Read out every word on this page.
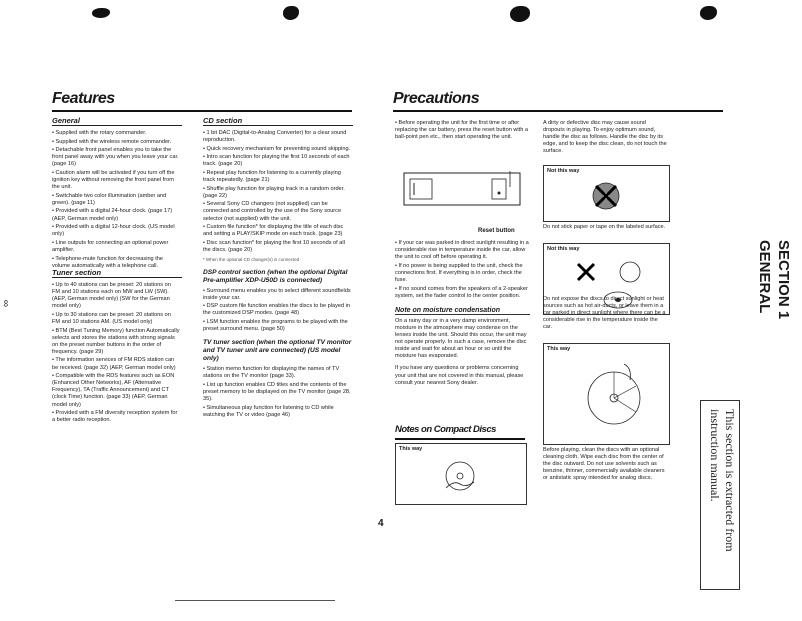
Features
General

• Supplied with the rotary commander.

• Supplied with the wireless remote commander.

• Detachable front panel enables you to take the front panel away with you when you leave your car. (page 16)

• Caution alarm will be activated if you turn off the ignition key without removing the front panel from the unit.

• Switchable two color illumination (amber and green). (page 11)

• Provided with a digital 24-hour clock. (page 17) (AEP, German model only)

• Provided with a digital 12-hour clock. (US model only)

• Line outputs for connecting an optional power amplifier.

• Telephone-mute function for decreasing the volume automatically with a telephone call.

Tuner section

• Up to 40 stations can be preset: 20 stations on FM and 10 stations each on MW and LW (SW). (AEP, German model only) (SW for the German model only)

• Up to 30 stations can be preset: 20 stations on FM and 10 stations AM. (US model only)

• BTM (Best Tuning Memory) function Automatically selects and stores the stations with strong signals on the preset number buttons in the order of frequency. (page 29)

• The information services of FM RDS station can be received. (page 32) (AEP, German model only)

• Compatible with the RDS features such as EON (Enhanced Other Networks), AF (Alternative Frequency), TA (Traffic Announcement) and CT (clock Time) function. (page 33) (AEP, German model only)

• Provided with a FM diversity reception system for a better radio reception.

CD section

• 1 bit DAC (Digital-to-Analog Converter) for a clear sound reproduction.

• Quick recovery mechanism for preventing sound skipping.

• Intro scan function for playing the first 10 seconds of each track. (page 20)

• Repeat play function for listening to a currently playing track repeatedly. (page 21)

• Shuffle play function for playing track in a random order. (page 22)

• Several Sony CD changers (not supplied) can be connected and controlled by the use of the Sony source selector (not supplied) with the unit.

• Custom file function* for displaying the title of each disc and setting a PLAY/SKIP mode on each track. (page 23)

• Disc scan function* for playing the first 10 seconds of all the discs. (page 20)

* When the optional CD changer(s) is connected

DSP control section (when the optional Digital Pre-amplifier XDP-U50D is connected)

• Surround menu enables you to select different soundfields inside your car.

• DSP custom file function enables the discs to be played in the customized DSP modes. (page 48)

• LSM function enables the programs to be played with the preset surround menu. (page 50)

TV tuner section (when the optional TV monitor and TV tuner unit are connected) (US model only)

• Station memo function for displaying the names of TV stations on the TV monitor (page 33).

• List up function enables CD titles and the contents of the preset memory to be displayed on the TV monitor (page 28, 35).

• Simultaneous play function for listening to CD while watching the TV or video (page 46)

Precautions

• Before operating the unit for the first time or after replacing the car battery, press the reset button with a ball-point pen etc., then start operating the unit.

Reset button

• If your car was parked in direct sunlight resulting in a considerable rise in temperature inside the car, allow the unit to cool off before operating it.

• If no power is being supplied to the unit, check the connections first. If everything is in order, check the fuse.

• If no sound comes from the speakers of a 2-speaker system, set the fader control to the center position.

Note on moisture condensation

On a rainy day or in a very damp environment, moisture in the atmosphere may condense on the lenses inside the unit. Should this occur, the unit may not operate properly. In such a case, remove the disc inside and wait for about an hour or so until the moisture has evaporated.

If you have any questions or problems concerning your unit that are not covered in this manual, please consult your nearest Sony dealer.

Notes on Compact Discs
This way
A dirty or defective disc may cause sound dropouts in playing. To enjoy optimum sound, handle the disc as follows. Handle the disc by its edge, and to keep the disc clean, do not touch the surface.
Not this way
Do not stick paper or tape on the labeled surface.
Not this way
Do not expose the discs to direct sunlight or heat sources such as hot air-ducts, or leave them in a car parked in direct sunlight where there can be a considerable rise in the temperature inside the car.
This way
Before playing, clean the discs with an optional cleaning cloth. Wipe each disc from the center of the disc outward. Do not use solvents such as benzine, thinner, commercially available cleaners or antistatic spray intended for analog discs.
4
∞	SECTION 1
GENERAL
This section is extracted from instruction manual.
